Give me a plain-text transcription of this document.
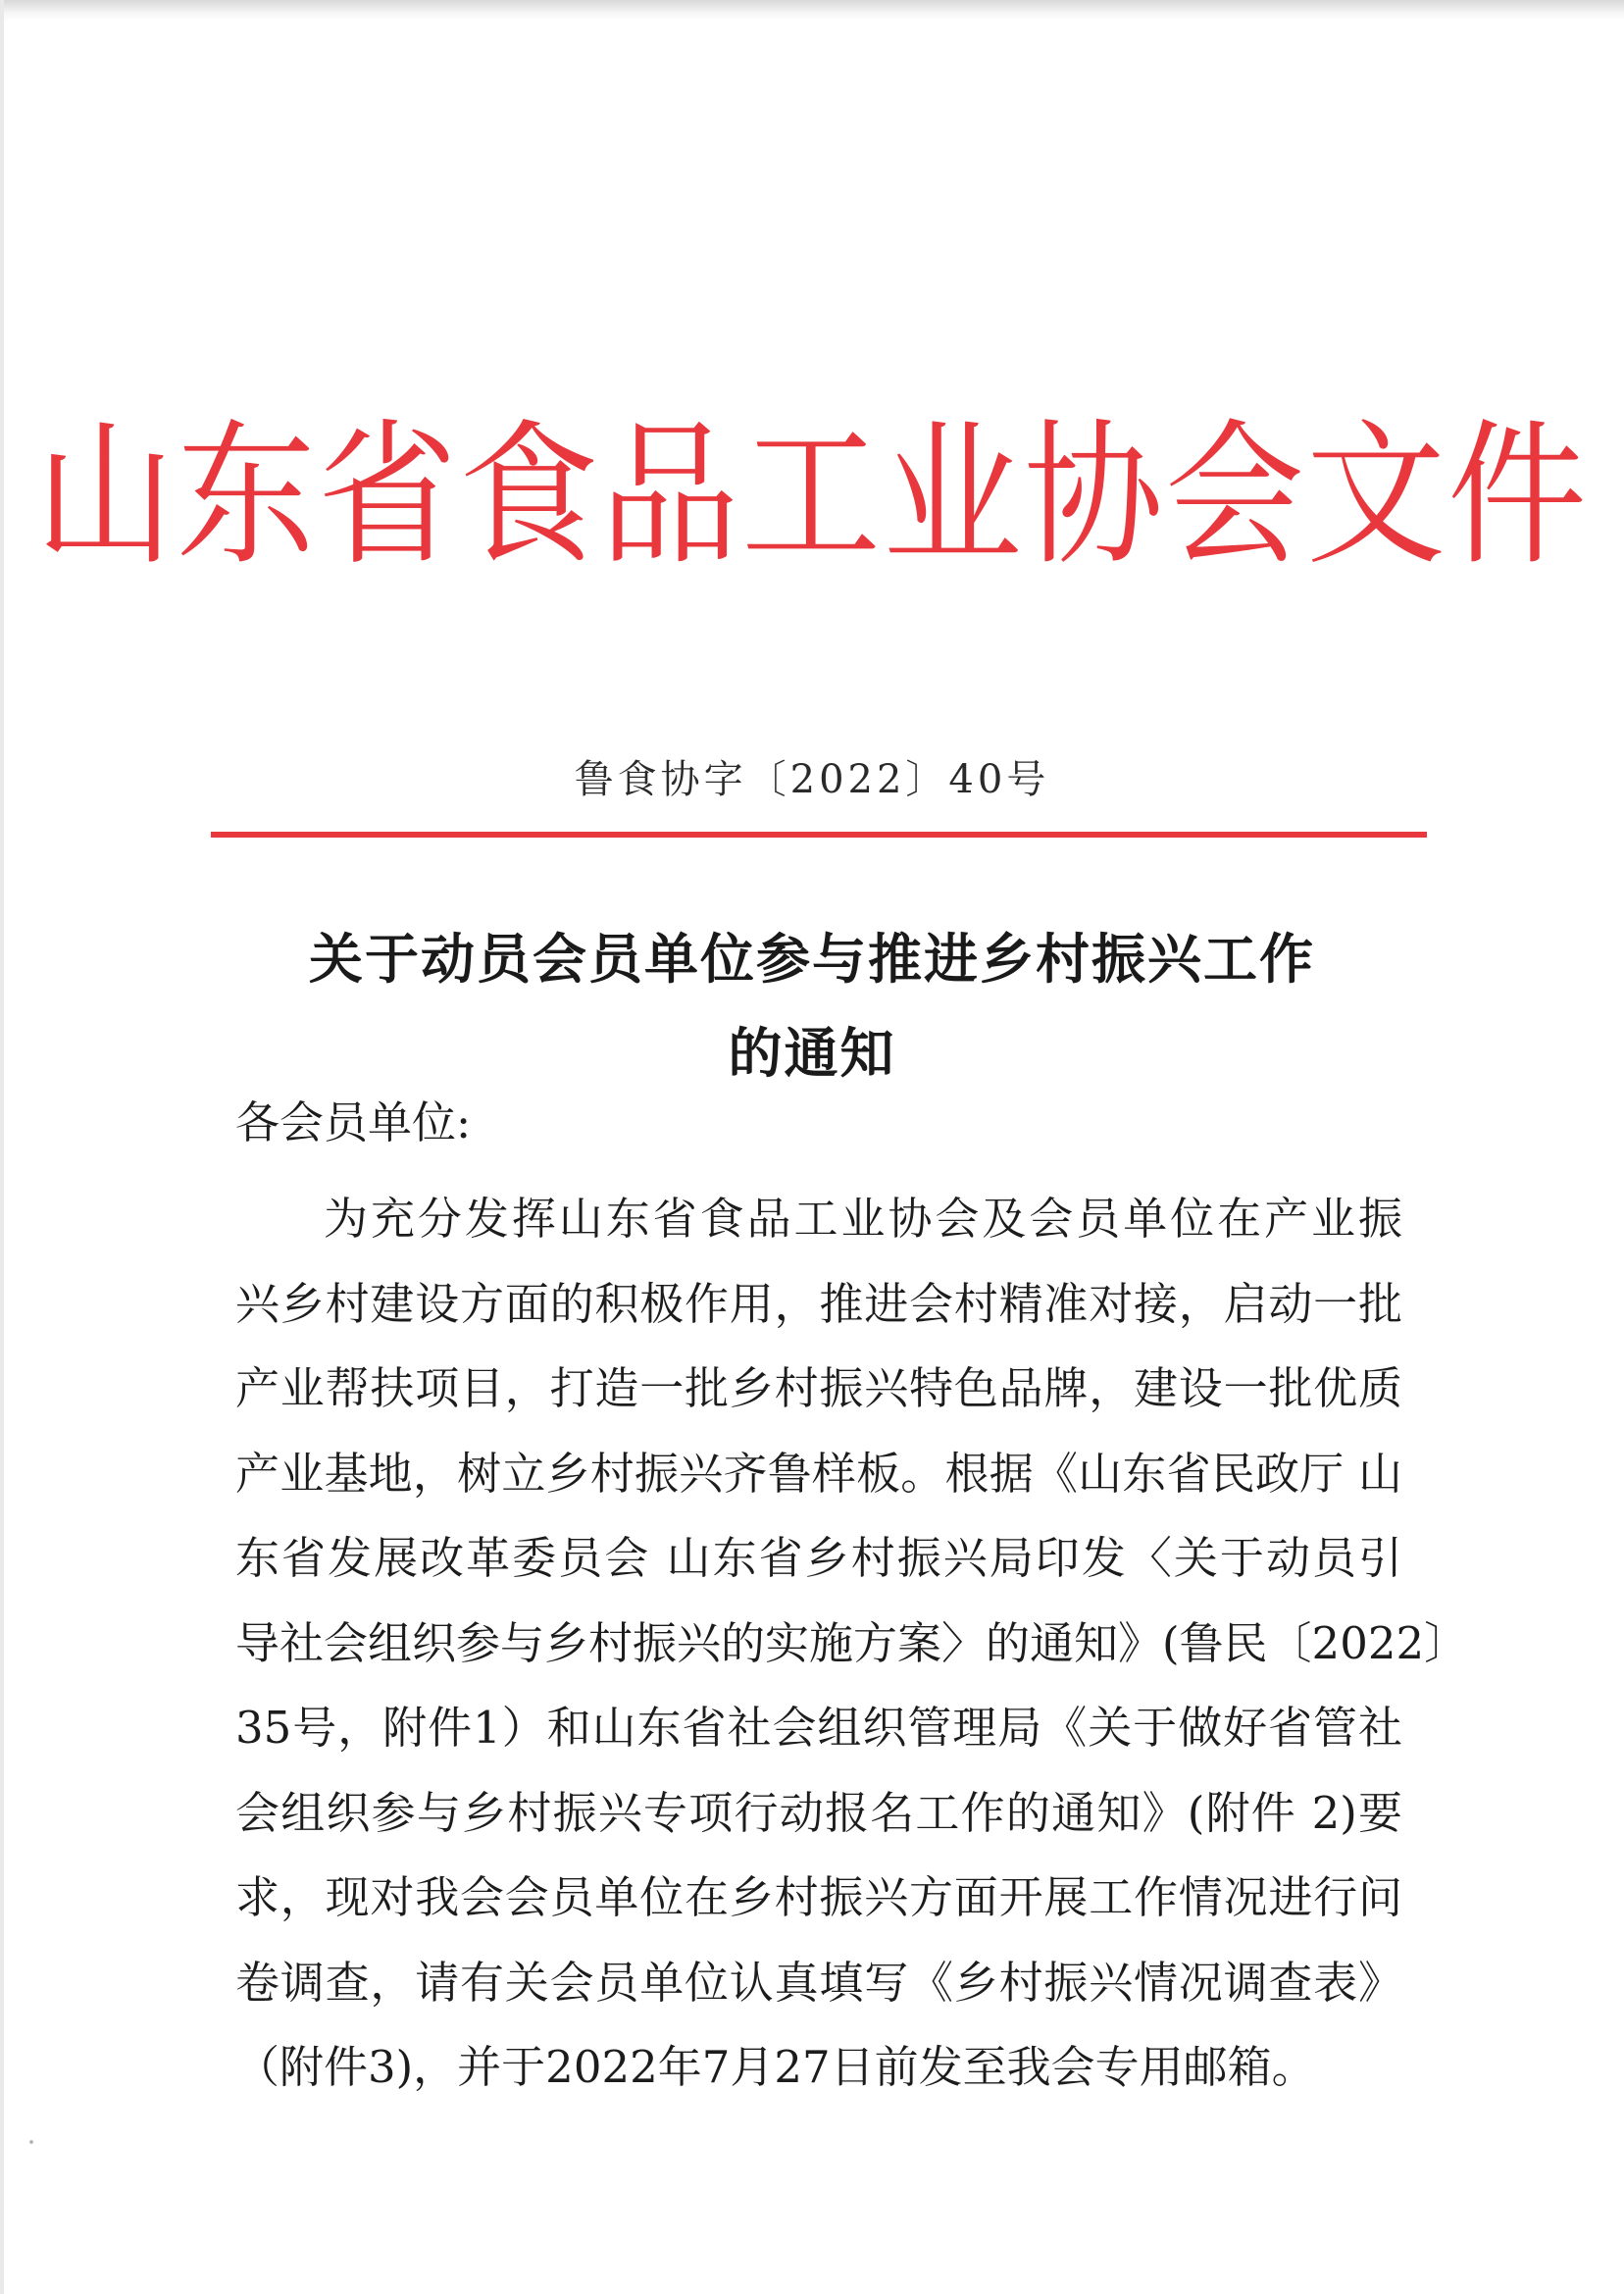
山东省食品工业协会文件
鲁食协字〔2022〕40号
关于动员会员单位参与推进乡村振兴工作
的通知
各会员单位:
为充分发挥山东省食品工业协会及会员单位在产业振
兴乡村建设方面的积极作用，推进会村精准对接，启动一批
产业帮扶项目，打造一批乡村振兴特色品牌，建设一批优质
产业基地，树立乡村振兴齐鲁样板。根据《山东省民政厅 山
东省发展改革委员会 山东省乡村振兴局印发〈关于动员引
导社会组织参与乡村振兴的实施方案〉的通知》(鲁民〔2022〕
35号，附件1）和山东省社会组织管理局《关于做好省管社
会组织参与乡村振兴专项行动报名工作的通知》(附件 2)要
求，现对我会会员单位在乡村振兴方面开展工作情况进行问
卷调查，请有关会员单位认真填写《乡村振兴情况调查表》
（附件3)，并于2022年7月27日前发至我会专用邮箱。
